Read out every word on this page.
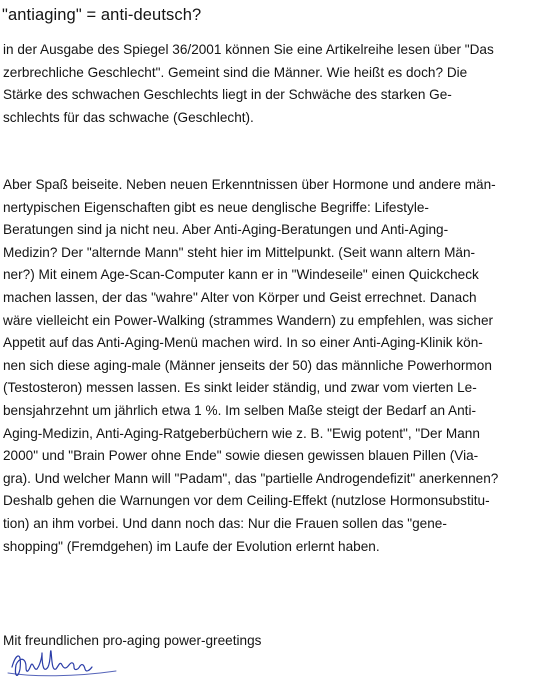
"antiaging" = anti-deutsch?
in der Ausgabe des Spiegel 36/2001 können Sie eine Artikelreihe lesen über "Das
zerbrechliche Geschlecht". Gemeint sind die Männer. Wie heißt es doch? Die
Stärke des schwachen Geschlechts liegt in der Schwäche des starken Ge-
schlechts für das schwache (Geschlecht).
Aber Spaß beiseite. Neben neuen Erkenntnissen über Hormone und andere män-
nertypischen Eigenschaften gibt es neue denglische Begriffe: Lifestyle-
Beratungen sind ja nicht neu. Aber Anti-Aging-Beratungen und Anti-Aging-
Medizin? Der "alternde Mann" steht hier im Mittelpunkt. (Seit wann altern Män-
ner?) Mit einem Age-Scan-Computer kann er in "Windeseile" einen Quickcheck
machen lassen, der das "wahre" Alter von Körper und Geist errechnet. Danach
wäre vielleicht ein Power-Walking (strammes Wandern) zu empfehlen, was sicher
Appetit auf das Anti-Aging-Menü machen wird. In so einer Anti-Aging-Klinik kön-
nen sich diese aging-male (Männer jenseits der 50) das männliche Powerhormon
(Testosteron) messen lassen. Es sinkt leider ständig, und zwar vom vierten Le-
bensjahrzehnt um jährlich etwa 1 %. Im selben Maße steigt der Bedarf an Anti-
Aging-Medizin, Anti-Aging-Ratgeberbüchern wie z. B. "Ewig potent", "Der Mann
2000" und "Brain Power ohne Ende" sowie diesen gewissen blauen Pillen (Via-
gra). Und welcher Mann will "Padam", das "partielle Androgendefizit" anerkennen?
Deshalb gehen die Warnungen vor dem Ceiling-Effekt (nutzlose Hormonsubstitu-
tion) an ihm vorbei. Und dann noch das: Nur die Frauen sollen das "gene-
shopping" (Fremdgehen) im Laufe der Evolution erlernt haben.

Mit freundlichen pro-aging power-greetings
